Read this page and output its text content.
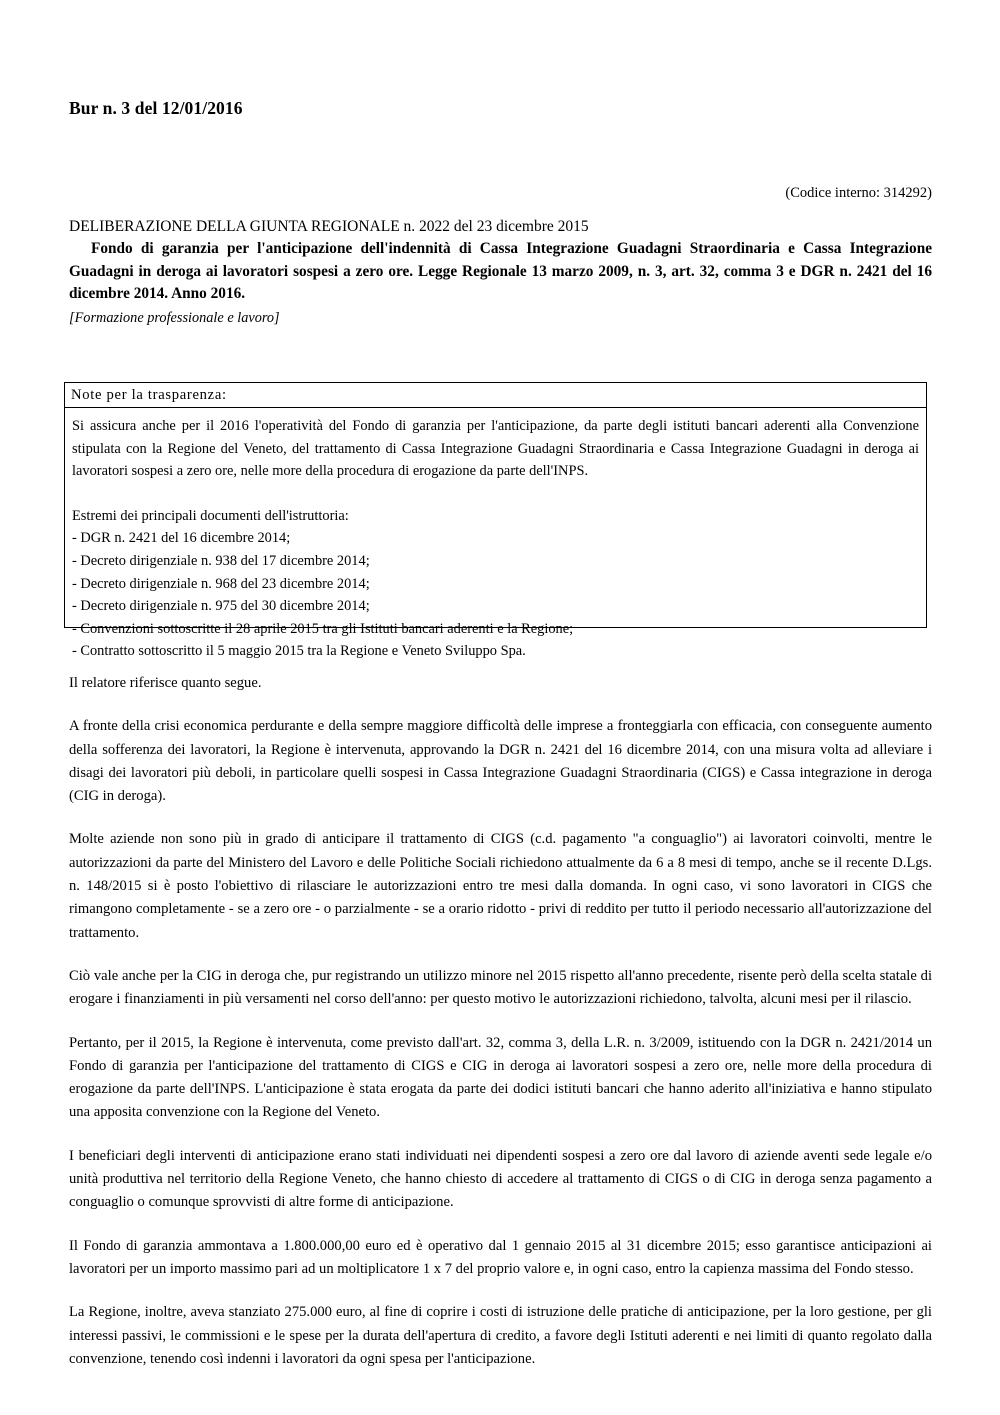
Bur n. 3 del 12/01/2016
(Codice interno: 314292)
DELIBERAZIONE DELLA GIUNTA REGIONALE n. 2022 del 23 dicembre 2015
Fondo di garanzia per l'anticipazione dell'indennità di Cassa Integrazione Guadagni Straordinaria e Cassa Integrazione Guadagni in deroga ai lavoratori sospesi a zero ore. Legge Regionale 13 marzo 2009, n. 3, art. 32, comma 3 e DGR n. 2421 del 16 dicembre 2014. Anno 2016.
[Formazione professionale e lavoro]
Note per la trasparenza:

Si assicura anche per il 2016 l'operatività del Fondo di garanzia per l'anticipazione, da parte degli istituti bancari aderenti alla Convenzione stipulata con la Regione del Veneto, del trattamento di Cassa Integrazione Guadagni Straordinaria e Cassa Integrazione Guadagni in deroga ai lavoratori sospesi a zero ore, nelle more della procedura di erogazione da parte dell'INPS.

Estremi dei principali documenti dell'istruttoria:
- DGR n. 2421 del 16 dicembre 2014;
- Decreto dirigenziale n. 938 del 17 dicembre 2014;
- Decreto dirigenziale n. 968 del 23 dicembre 2014;
- Decreto dirigenziale n. 975 del 30 dicembre 2014;
- Convenzioni sottoscritte il 28 aprile 2015 tra gli Istituti bancari aderenti e la Regione;
- Contratto sottoscritto il 5 maggio 2015 tra la Regione e Veneto Sviluppo Spa.

Il relatore riferisce quanto segue.

A fronte della crisi economica perdurante e della sempre maggiore difficoltà delle imprese a fronteggiarla con efficacia, con conseguente aumento della sofferenza dei lavoratori, la Regione è intervenuta, approvando la DGR n. 2421 del 16 dicembre 2014, con una misura volta ad alleviare i disagi dei lavoratori più deboli, in particolare quelli sospesi in Cassa Integrazione Guadagni Straordinaria (CIGS) e Cassa integrazione in deroga (CIG in deroga).

Molte aziende non sono più in grado di anticipare il trattamento di CIGS (c.d. pagamento "a conguaglio") ai lavoratori coinvolti, mentre le autorizzazioni da parte del Ministero del Lavoro e delle Politiche Sociali richiedono attualmente da 6 a 8 mesi di tempo, anche se il recente D.Lgs. n. 148/2015 si è posto l'obiettivo di rilasciare le autorizzazioni entro tre mesi dalla domanda. In ogni caso, vi sono lavoratori in CIGS che rimangono completamente - se a zero ore - o parzialmente - se a orario ridotto - privi di reddito per tutto il periodo necessario all'autorizzazione del trattamento.

Ciò vale anche per la CIG in deroga che, pur registrando un utilizzo minore nel 2015 rispetto all'anno precedente, risente però della scelta statale di erogare i finanziamenti in più versamenti nel corso dell'anno: per questo motivo le autorizzazioni richiedono, talvolta, alcuni mesi per il rilascio.

Pertanto, per il 2015, la Regione è intervenuta, come previsto dall'art. 32, comma 3, della L.R. n. 3/2009, istituendo con la DGR n. 2421/2014 un Fondo di garanzia per l'anticipazione del trattamento di CIGS e CIG in deroga ai lavoratori sospesi a zero ore, nelle more della procedura di erogazione da parte dell'INPS. L'anticipazione è stata erogata da parte dei dodici istituti bancari che hanno aderito all'iniziativa e hanno stipulato una apposita convenzione con la Regione del Veneto.

I beneficiari degli interventi di anticipazione erano stati individuati nei dipendenti sospesi a zero ore dal lavoro di aziende aventi sede legale e/o unità produttiva nel territorio della Regione Veneto, che hanno chiesto di accedere al trattamento di CIGS o di CIG in deroga senza pagamento a conguaglio o comunque sprovvisti di altre forme di anticipazione.

Il Fondo di garanzia ammontava a 1.800.000,00 euro ed è operativo dal 1 gennaio 2015 al 31 dicembre 2015; esso garantisce anticipazioni ai lavoratori per un importo massimo pari ad un moltiplicatore 1 x 7 del proprio valore e, in ogni caso, entro la capienza massima del Fondo stesso.

La Regione, inoltre, aveva stanziato 275.000 euro, al fine di coprire i costi di istruzione delle pratiche di anticipazione, per la loro gestione, per gli interessi passivi, le commissioni e le spese per la durata dell'apertura di credito, a favore degli Istituti aderenti e nei limiti di quanto regolato dalla convenzione, tenendo così indenni i lavoratori da ogni spesa per l'anticipazione.
